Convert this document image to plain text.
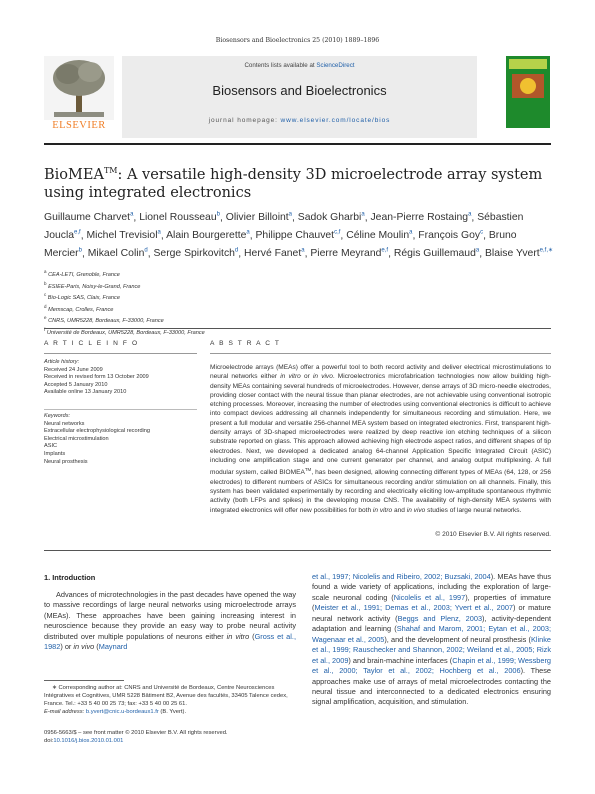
Biosensors and Bioelectronics 25 (2010) 1889–1896
ELSEVIER
Contents lists available at ScienceDirect
Biosensors and Bioelectronics
journal homepage: www.elsevier.com/locate/bios
BioMEA™: A versatile high-density 3D microelectrode array system using integrated electronics
Guillaume Charvet$^a$, Lionel Rousseau$^b$, Olivier Billoint$^a$, Sadok Gharbi$^a$, Jean-Pierre Rostaing$^a$, Sébastien Joucla$^{e,f}$, Michel Trevisiol$^a$, Alain Bourgerette$^a$, Philippe Chauvet$^{c,f}$, Céline Moulin$^a$, François Goy$^c$, Bruno Mercier$^b$, Mikael Colin$^d$, Serge Spirkovitch$^d$, Hervé Fanet$^a$, Pierre Meyrand$^{e,f}$, Régis Guillemaud$^a$, Blaise Yvert$^{e,f,∗}$
$^a$ CEA-LETI, Grenoble, France
$^b$ ESIEE-Paris, Noisy-le-Grand, France
$^c$ Bio-Logic SAS, Claix, France
$^d$ Memscap, Crolles, France
$^e$ CNRS, UMR5228, Bordeaux, F-33000, France
$^f$ Université de Bordeaux, UMR5228, Bordeaux, F-33000, France
A R T I C L E I N F O	A B S T R A C T
Article history:
Received 24 June 2009
Received in revised form 13 October 2009
Accepted 5 January 2010
Available online 13 January 2010
Keywords:
Neural networks
Extracellular electrophysiological recording
Electrical microstimulation
ASIC
Implants
Neural prosthesis
Microelectrode arrays (MEAs) offer a powerful tool to both record activity and deliver electrical microstimulations to neural networks either in vitro or in vivo. Microelectronics microfabrication technologies now allow building high-density MEAs containing several hundreds of microelectrodes. However, dense arrays of 3D micro-needle electrodes, providing closer contact with the neural tissue than planar electrodes, are not achievable using conventional isotropic etching processes. Moreover, increasing the number of electrodes using conventional electronics is difficult to achieve into compact devices addressing all channels independently for simultaneous recording and stimulation. Here, we present a full modular and versatile 256-channel MEA system based on integrated electronics. First, transparent high-density arrays of 3D-shaped microelectrodes were realized by deep reactive ion etching techniques of a silicon substrate reported on glass. This approach allowed achieving high electrode aspect ratios, and different shapes of tip electrodes. Next, we developed a dedicated analog 64-channel Application Specific Integrated Circuit (ASIC) including one amplification stage and one current generator per channel, and analog output multiplexing. A full modular system, called BIOMEA™, has been designed, allowing connecting different types of MEAs (64, 128, or 256 electrodes) to different numbers of ASICs for simultaneous recording and/or stimulation on all channels. Finally, this system has been validated experimentally by recording and electrically eliciting low-amplitude spontaneous rhythmic activity (both LFPs and spikes) in the developing mouse CNS. The availability of high-density MEA systems with integrated electronics will offer new possibilities for both in vitro and in vivo studies of large neural networks.
© 2010 Elsevier B.V. All rights reserved.
1. Introduction
Advances of microtechnologies in the past decades have opened the way to massive recordings of large neural networks using microelectrode arrays (MEAs). These approaches have been gaining increasing interest in neuroscience because they provide an easy way to probe neural activity distributed over multiple populations of neurons either in vitro (Gross et al., 1982) or in vivo (Maynard
et al., 1997; Nicolelis and Ribeiro, 2002; Buzsaki, 2004). MEAs have thus found a wide variety of applications, including the exploration of large-scale neuronal coding (Nicolelis et al., 1997), properties of immature (Meister et al., 1991; Demas et al., 2003; Yvert et al., 2007) or mature neural network activity (Beggs and Plenz, 2003), activity-dependent adaptation and learning (Shahaf and Marom, 2001; Eytan et al., 2003; Wagenaar et al., 2005), and the development of neural prosthesis (Klinke et al., 1999; Rauschecker and Shannon, 2002; Weiland et al., 2005; Rizk et al., 2009) and brain-machine interfaces (Chapin et al., 1999; Wessberg et al., 2000; Taylor et al., 2002; Hochberg et al., 2006). These approaches make use of arrays of metal microelectrodes contacting the neural tissue and interconnected to a dedicated electronics ensuring signal amplification, acquisition, and stimulation.
∗ Corresponding author at: CNRS and Université de Bordeaux, Centre Neurosciences Intégratives et Cognitives, UMR 5228 Bâtiment B2, Avenue des facultés, 33405 Talence cedex, France. Tel.: +33 5 40 00 25 73; fax: +33 5 40 00 25 61.
E-mail address: b.yvert@cnic.u-bordeaux1.fr (B. Yvert).
0956-5663/$ – see front matter © 2010 Elsevier B.V. All rights reserved.
doi:10.1016/j.bios.2010.01.001
